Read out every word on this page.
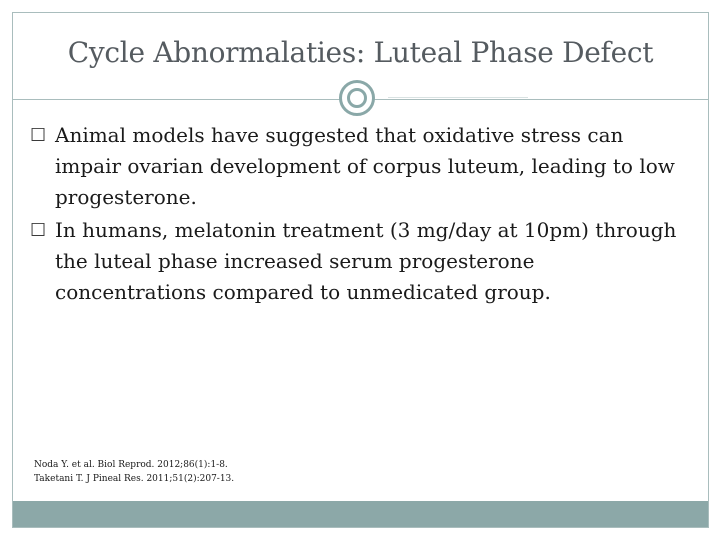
Cycle Abnormalaties: Luteal Phase Defect
☐ Animal models have suggested that oxidative stress can impair ovarian development of corpus luteum, leading to low progesterone.
☐ In humans, melatonin treatment (3 mg/day at 10pm) through the luteal phase increased serum progesterone concentrations compared to unmedicated group.
Noda Y. et al. Biol Reprod. 2012;86(1):1-8.
Taketani T. J Pineal Res. 2011;51(2):207-13.
